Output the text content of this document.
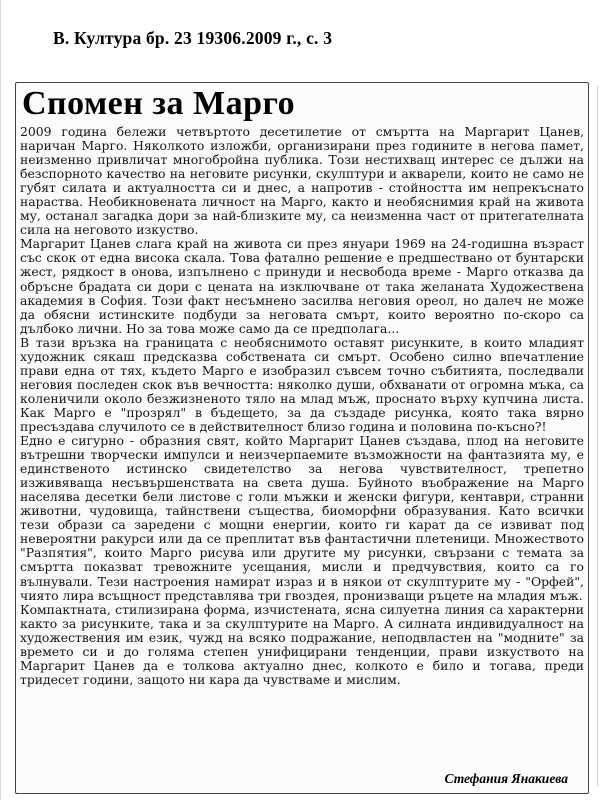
В. Култура бр. 23 19306.2009 г., с. 3
Спомен за Марго

2009 година бележи четвъртото десетилетие от смъртта на Маргарит Цанев, наричан Марго. Няколкото изложби, организирани през годините в негова памет, неизменно привличат многобройна публика. Този нестихващ интерес се дължи на безспорното качество на неговите рисунки, скулптури и акварели, които не само не губят силата и актуалността си и днес, а напротив - стойността им непрекъснато нараства. Необикновената личност на Марго, както и необяснимия край на живота му, останал загадка дори за най-близките му, са неизменна част от притегателната сила на неговото изкуство.

Маргарит Цанев слага край на живота си през януари 1969 на 24-годишна възраст със скок от една висока скала. Това фатално решение е предшествано от бунтарски жест, рядкост в онова, изпълнено с принуди и несвобода време - Марго отказва да обръсне брадата си дори с цената на изключване от така желаната Художествена академия в София. Този факт несъмнено засилва неговия ореол, но далеч не може да обясни истинските подбуди за неговата смърт, които вероятно по-скоро са дълбоко лични. Но за това може само да се предполага...

В тази връзка на границата с необяснимото оставят рисунките, в които младият художник сякаш предсказва собствената си смърт. Особено силно впечатление прави една от тях, където Марго е изобразил съвсем точно събитията, последвали неговия последен скок във вечността: няколко души, обхванати от огромна мъка, са коленичили около безжизненото тяло на млад мъж, проснато върху купчина листа. Как Марго е "прозрял" в бъдещето, за да създаде рисунка, която така вярно пресъздава случилото се в действителност близо година и половина по-късно?!

Едно е сигурно - образния свят, който Маргарит Цанев създава, плод на неговите вътрешни творчески импулси и неизчерпаемите възможности на фантазията му, е единственото истинско свидетелство за негова чувствителност, трепетно изживяваща несъвършенствата на света душа. Буйното въображение на Марго населява десетки бели листове с голи мъжки и женски фигури, кентаври, странни животни, чудовища, тайнствени същества, биоморфни образувания. Като всички тези образи са заредени с мощни енергии, които ги карат да се извиват под невероятни ракурси или да се преплитат във фантастични плетеници. Множеството "Разпятия", които Марго рисува или другите му рисунки, свързани с темата за смъртта показват тревожните усещания, мисли и предчувствия, които са го вълнували. Тези настроения намират израз и в някои от скулптурите му - "Орфей", чиято лира всъщност представлява три гвоздея, пронизващи ръцете на младия мъж.

Компактната, стилизирана форма, изчистената, ясна силуетна линия са характерни както за рисунките, така и за скулптурите на Марго. А силната индивидуалност на художествения им език, чужд на всяко подражание, неподвластен на "модните" за времето си и до голяма степен унифицирани тенденции, прави изкуството на Маргарит Цанев да е толкова актуално днес, колкото е било и тогава, преди тридесет години, защото ни кара да чувстваме и мислим.

Стефания Янакиева
